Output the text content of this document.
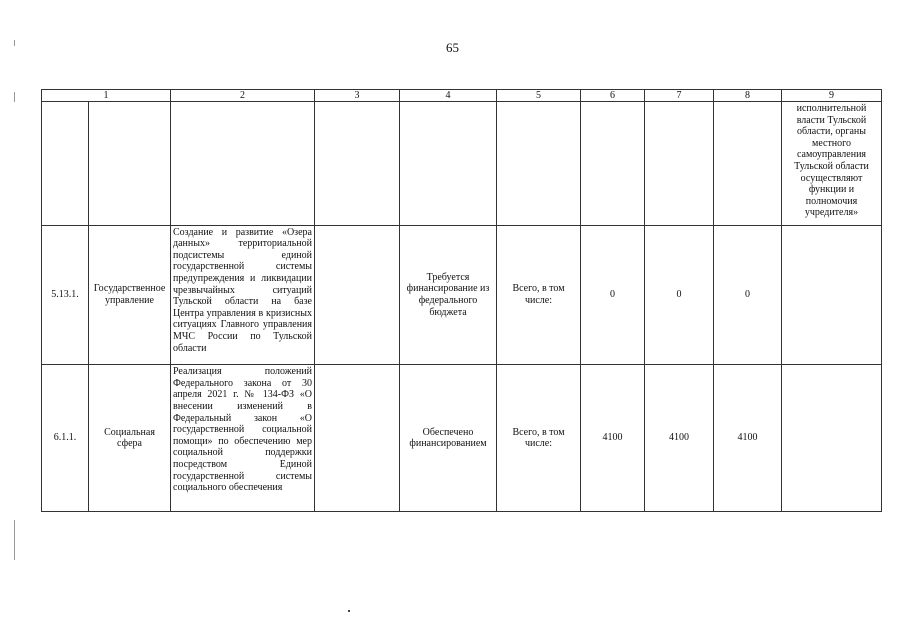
65
1		2	3	4	5	6	7	8	9
									исполнительной власти Тульской области, органы местного самоуправления Тульской области осуществляют функции и полномочия учредителя»
5.13.1.	Государственное управление	Создание и развитие «Озера данных» территориальной подсистемы единой государственной системы предупреждения и ликвидации чрезвычайных ситуаций Тульской области на базе Центра управления в кризисных ситуациях Главного управления МЧС России по Тульской области		Требуется финансирование из федерального бюджета	Всего, в том числе:	0	0	0	
6.1.1.	Социальная сфера	Реализация положений Федерального закона от 30 апреля 2021 г. № 134-ФЗ «О внесении изменений в Федеральный закон «О государственной социальной помощи» по обеспечению мер социальной поддержки посредством Единой государственной системы социального обеспечения		Обеспечено финансированием	Всего, в том числе:	4100	4100	4100	
